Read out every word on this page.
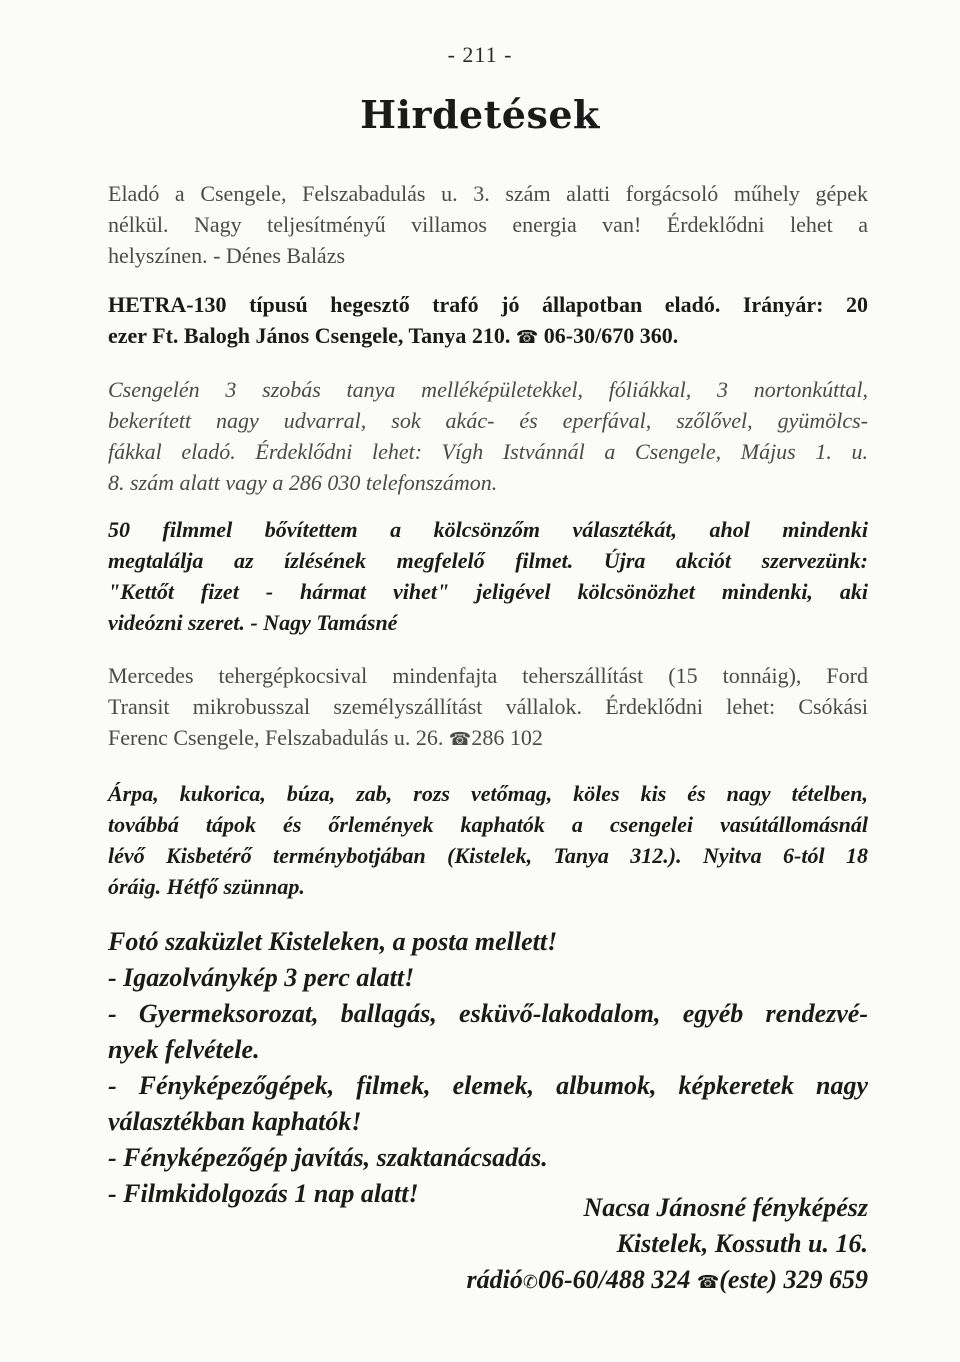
- 211 -
Hirdetések
Eladó a Csengele, Felszabadulás u. 3. szám alatti forgácsoló műhely gépek
nélkül. Nagy teljesítményű villamos energia van! Érdeklődni lehet a
helyszínen. - Dénes Balázs
HETRA-130 típusú hegesztő trafó jó állapotban eladó. Irányár: 20
ezer Ft. Balogh János Csengele, Tanya 210. ☎ 06-30/670 360.
Csengelén 3 szobás tanya melléképületekkel, fóliákkal, 3 nortonkúttal,
bekerített nagy udvarral, sok akác- és eperfával, szőlővel, gyümölcs-
fákkal eladó. Érdeklődni lehet: Vígh Istvánnál a Csengele, Május 1. u.
8. szám alatt vagy a 286 030 telefonszámon.
50 filmmel bővítettem a kölcsönzőm választékát, ahol mindenki
megtalálja az ízlésének megfelelő filmet. Újra akciót szervezünk:
"Kettőt fizet - hármat vihet" jeligével kölcsönözhet mindenki, aki
videózni szeret. - Nagy Tamásné
Mercedes tehergépkocsival mindenfajta teherszállítást (15 tonnáig), Ford
Transit mikrobusszal személyszállítást vállalok. Érdeklődni lehet: Csókási
Ferenc Csengele, Felszabadulás u. 26. ☎286 102
Árpa, kukorica, búza, zab, rozs vetőmag, köles kis és nagy tételben,
továbbá tápok és őrlemények kaphatók a csengelei vasútállomásnál
lévő Kisbetérő terménybotjában (Kistelek, Tanya 312.). Nyitva 6-tól 18
óráig. Hétfő szünnap.
Fotó szaküzlet Kisteleken, a posta mellett!
- Igazolványkép 3 perc alatt!
- Gyermeksorozat, ballagás, esküvő-lakodalom, egyéb rendezvé-
nyek felvétele.
- Fényképezőgépek, filmek, elemek, albumok, képkeretek nagy
választékban kaphatók!
- Fényképezőgép javítás, szaktanácsadás.
- Filmkidolgozás 1 nap alatt!	Nacsa Jánosné fényképész
Kistelek, Kossuth u. 16.
rádió✆06-60/488 324 ☎(este) 329 659
